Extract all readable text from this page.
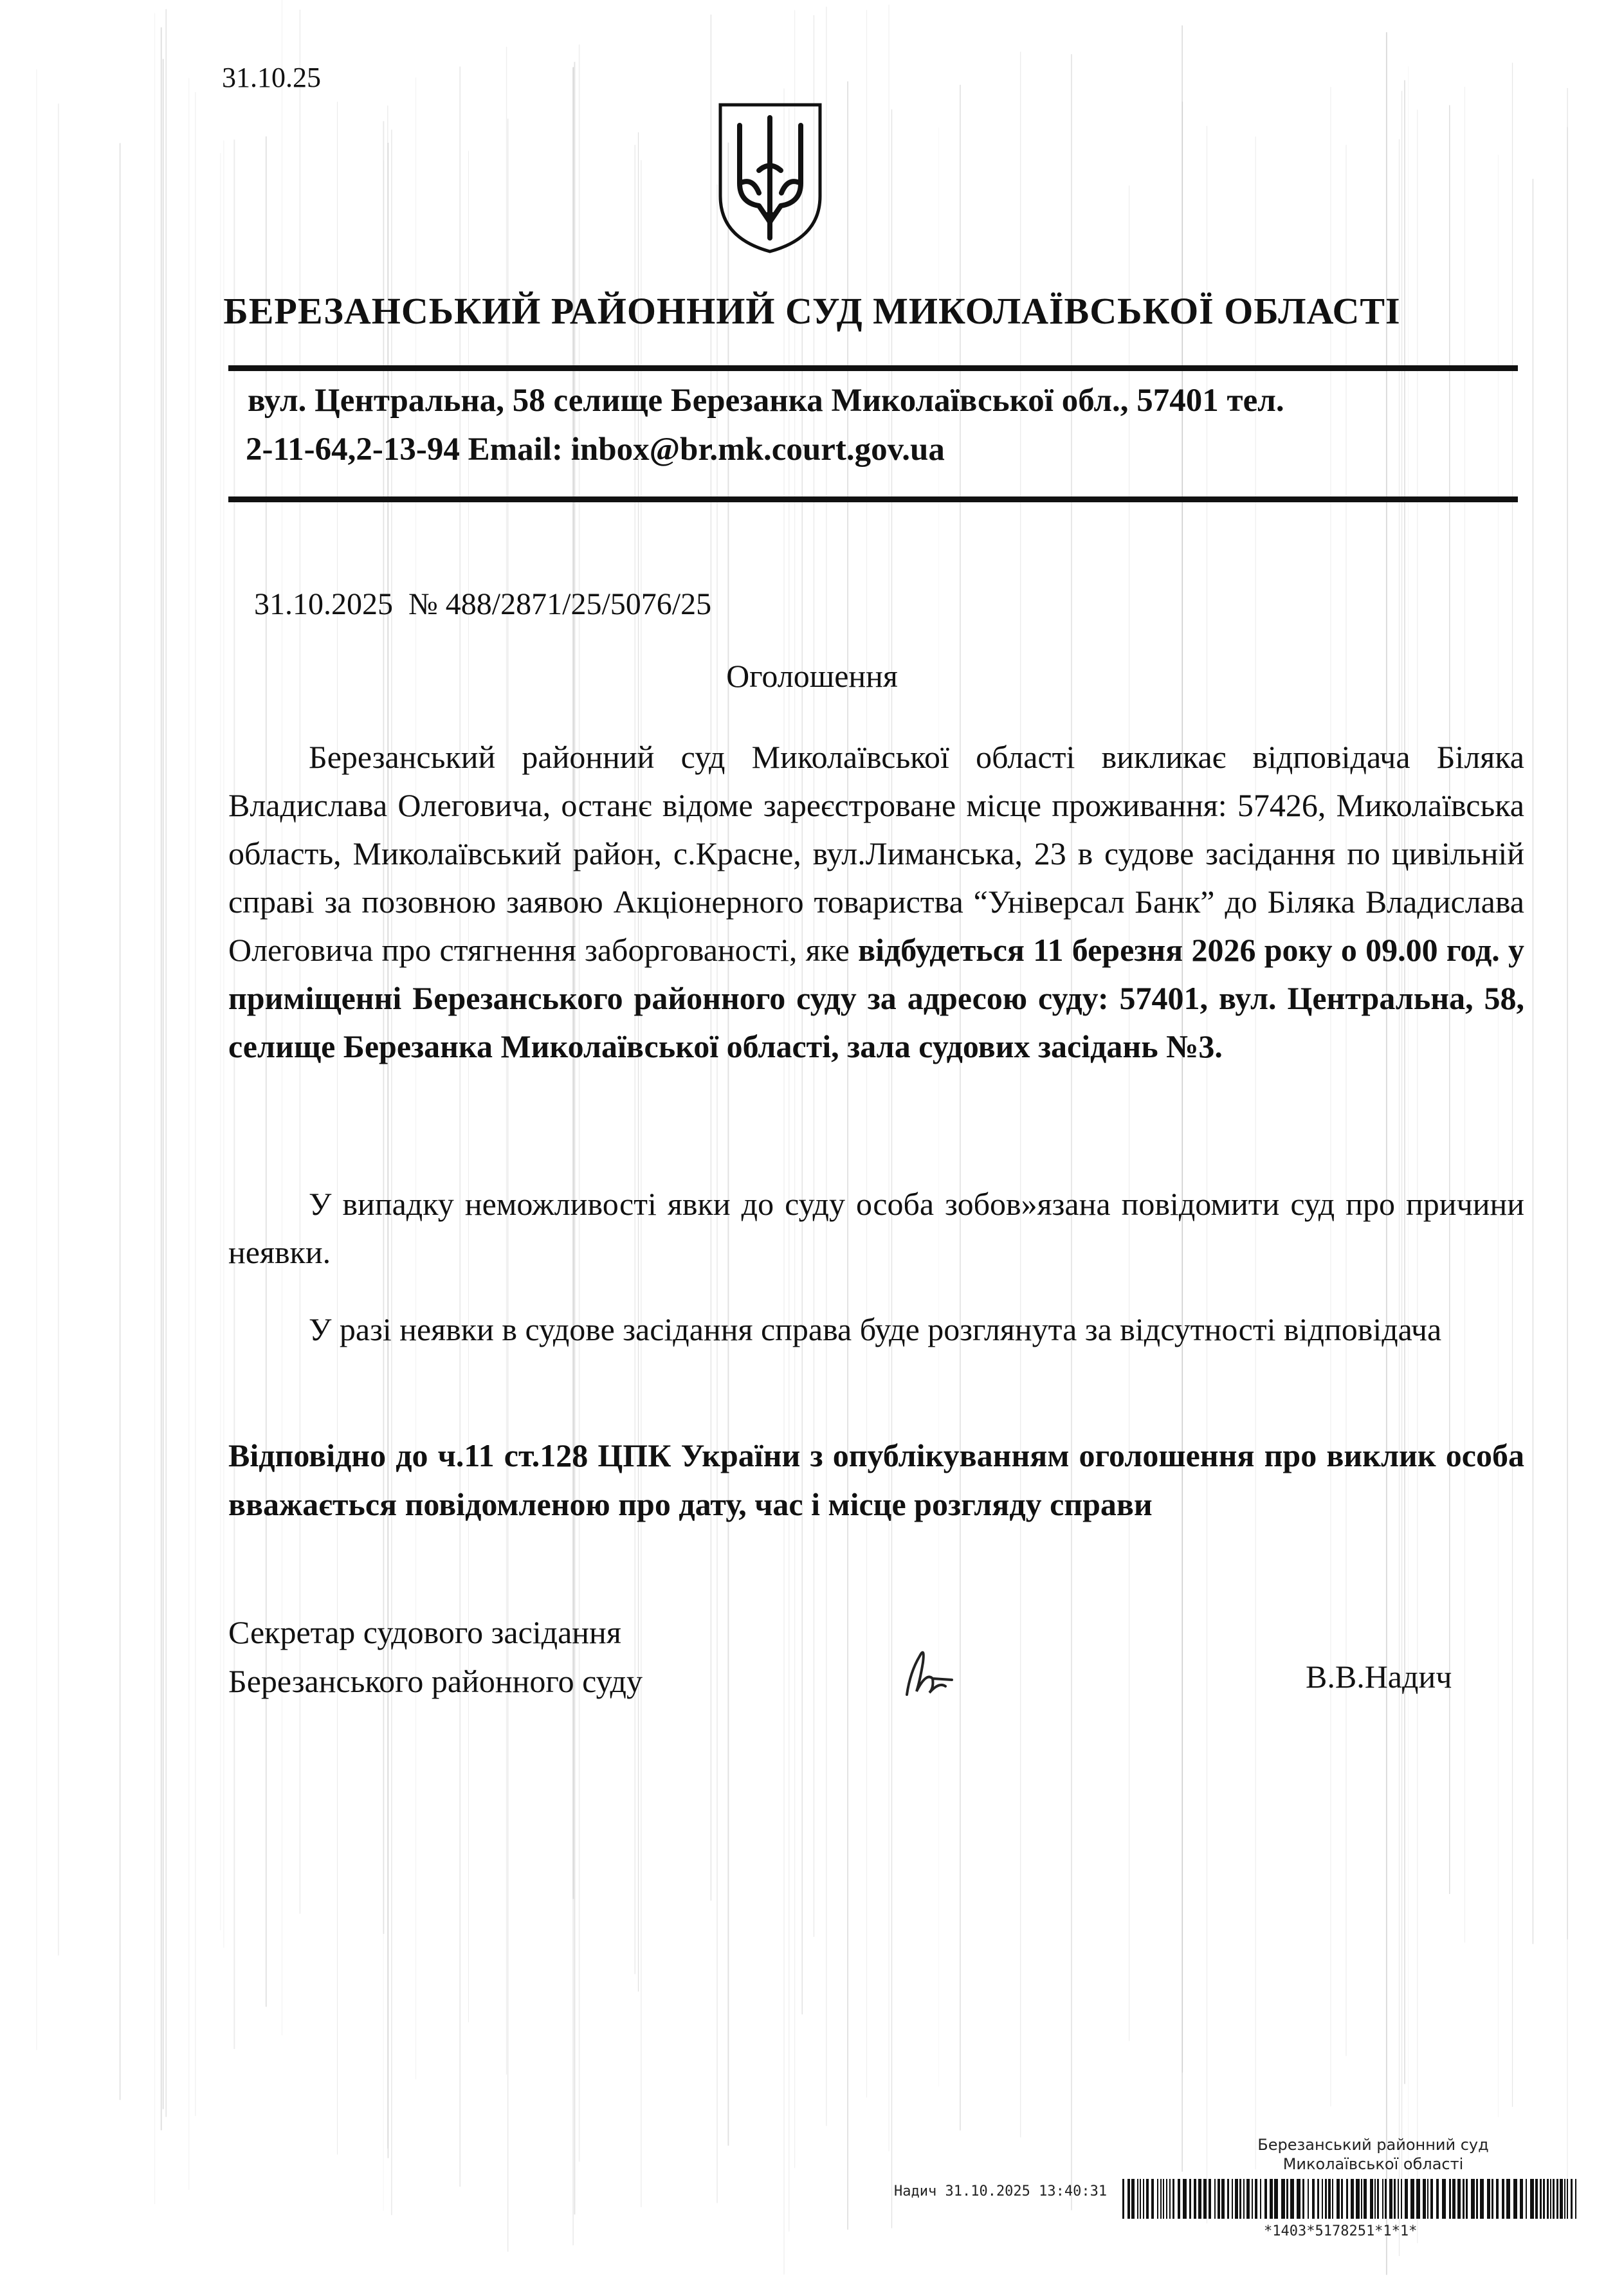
31.10.25
БЕРЕЗАНСЬКИЙ РАЙОННИЙ СУД МИКОЛАЇВСЬКОЇ ОБЛАСТІ
вул. Центральна, 58 селище Березанка Миколаївської обл., 57401 тел.
2-11-64,2-13-94 Email: inbox@br.mk.court.gov.ua
31.10.2025 № 488/2871/25/5076/25
Оголошення
Березанський районний суд Миколаївської області викликає відповідача Біляка Владислава Олеговича, останє відоме зареєстроване місце проживання: 57426, Миколаївська область, Миколаївський район, с.Красне, вул.Лиманська, 23 в судове засідання по цивільній справі за позовною заявою Акціонерного товариства “Універсал Банк” до Біляка Владислава Олеговича про стягнення заборгованості, яке відбудеться 11 березня 2026 року о 09.00 год. у приміщенні Березанського районного суду за адресою суду: 57401, вул. Центральна, 58, селище Березанка Миколаївської області, зала судових засідань №3.
У випадку неможливості явки до суду особа зобов»язана повідомити суд про причини неявки.
У разі неявки в судове засідання справа буде розглянута за відсутності відповідача
Відповідно до ч.11 ст.128 ЦПК України з опублікуванням оголошення про виклик особа вважається повідомленою про дату, час і місце розгляду справи
Секретар судового засідання
Березанського районного суду	В.В.Надич
Березанський районний суд
Миколаївської області
Надич 31.10.2025 13:40:31
*1403*5178251*1*1*
